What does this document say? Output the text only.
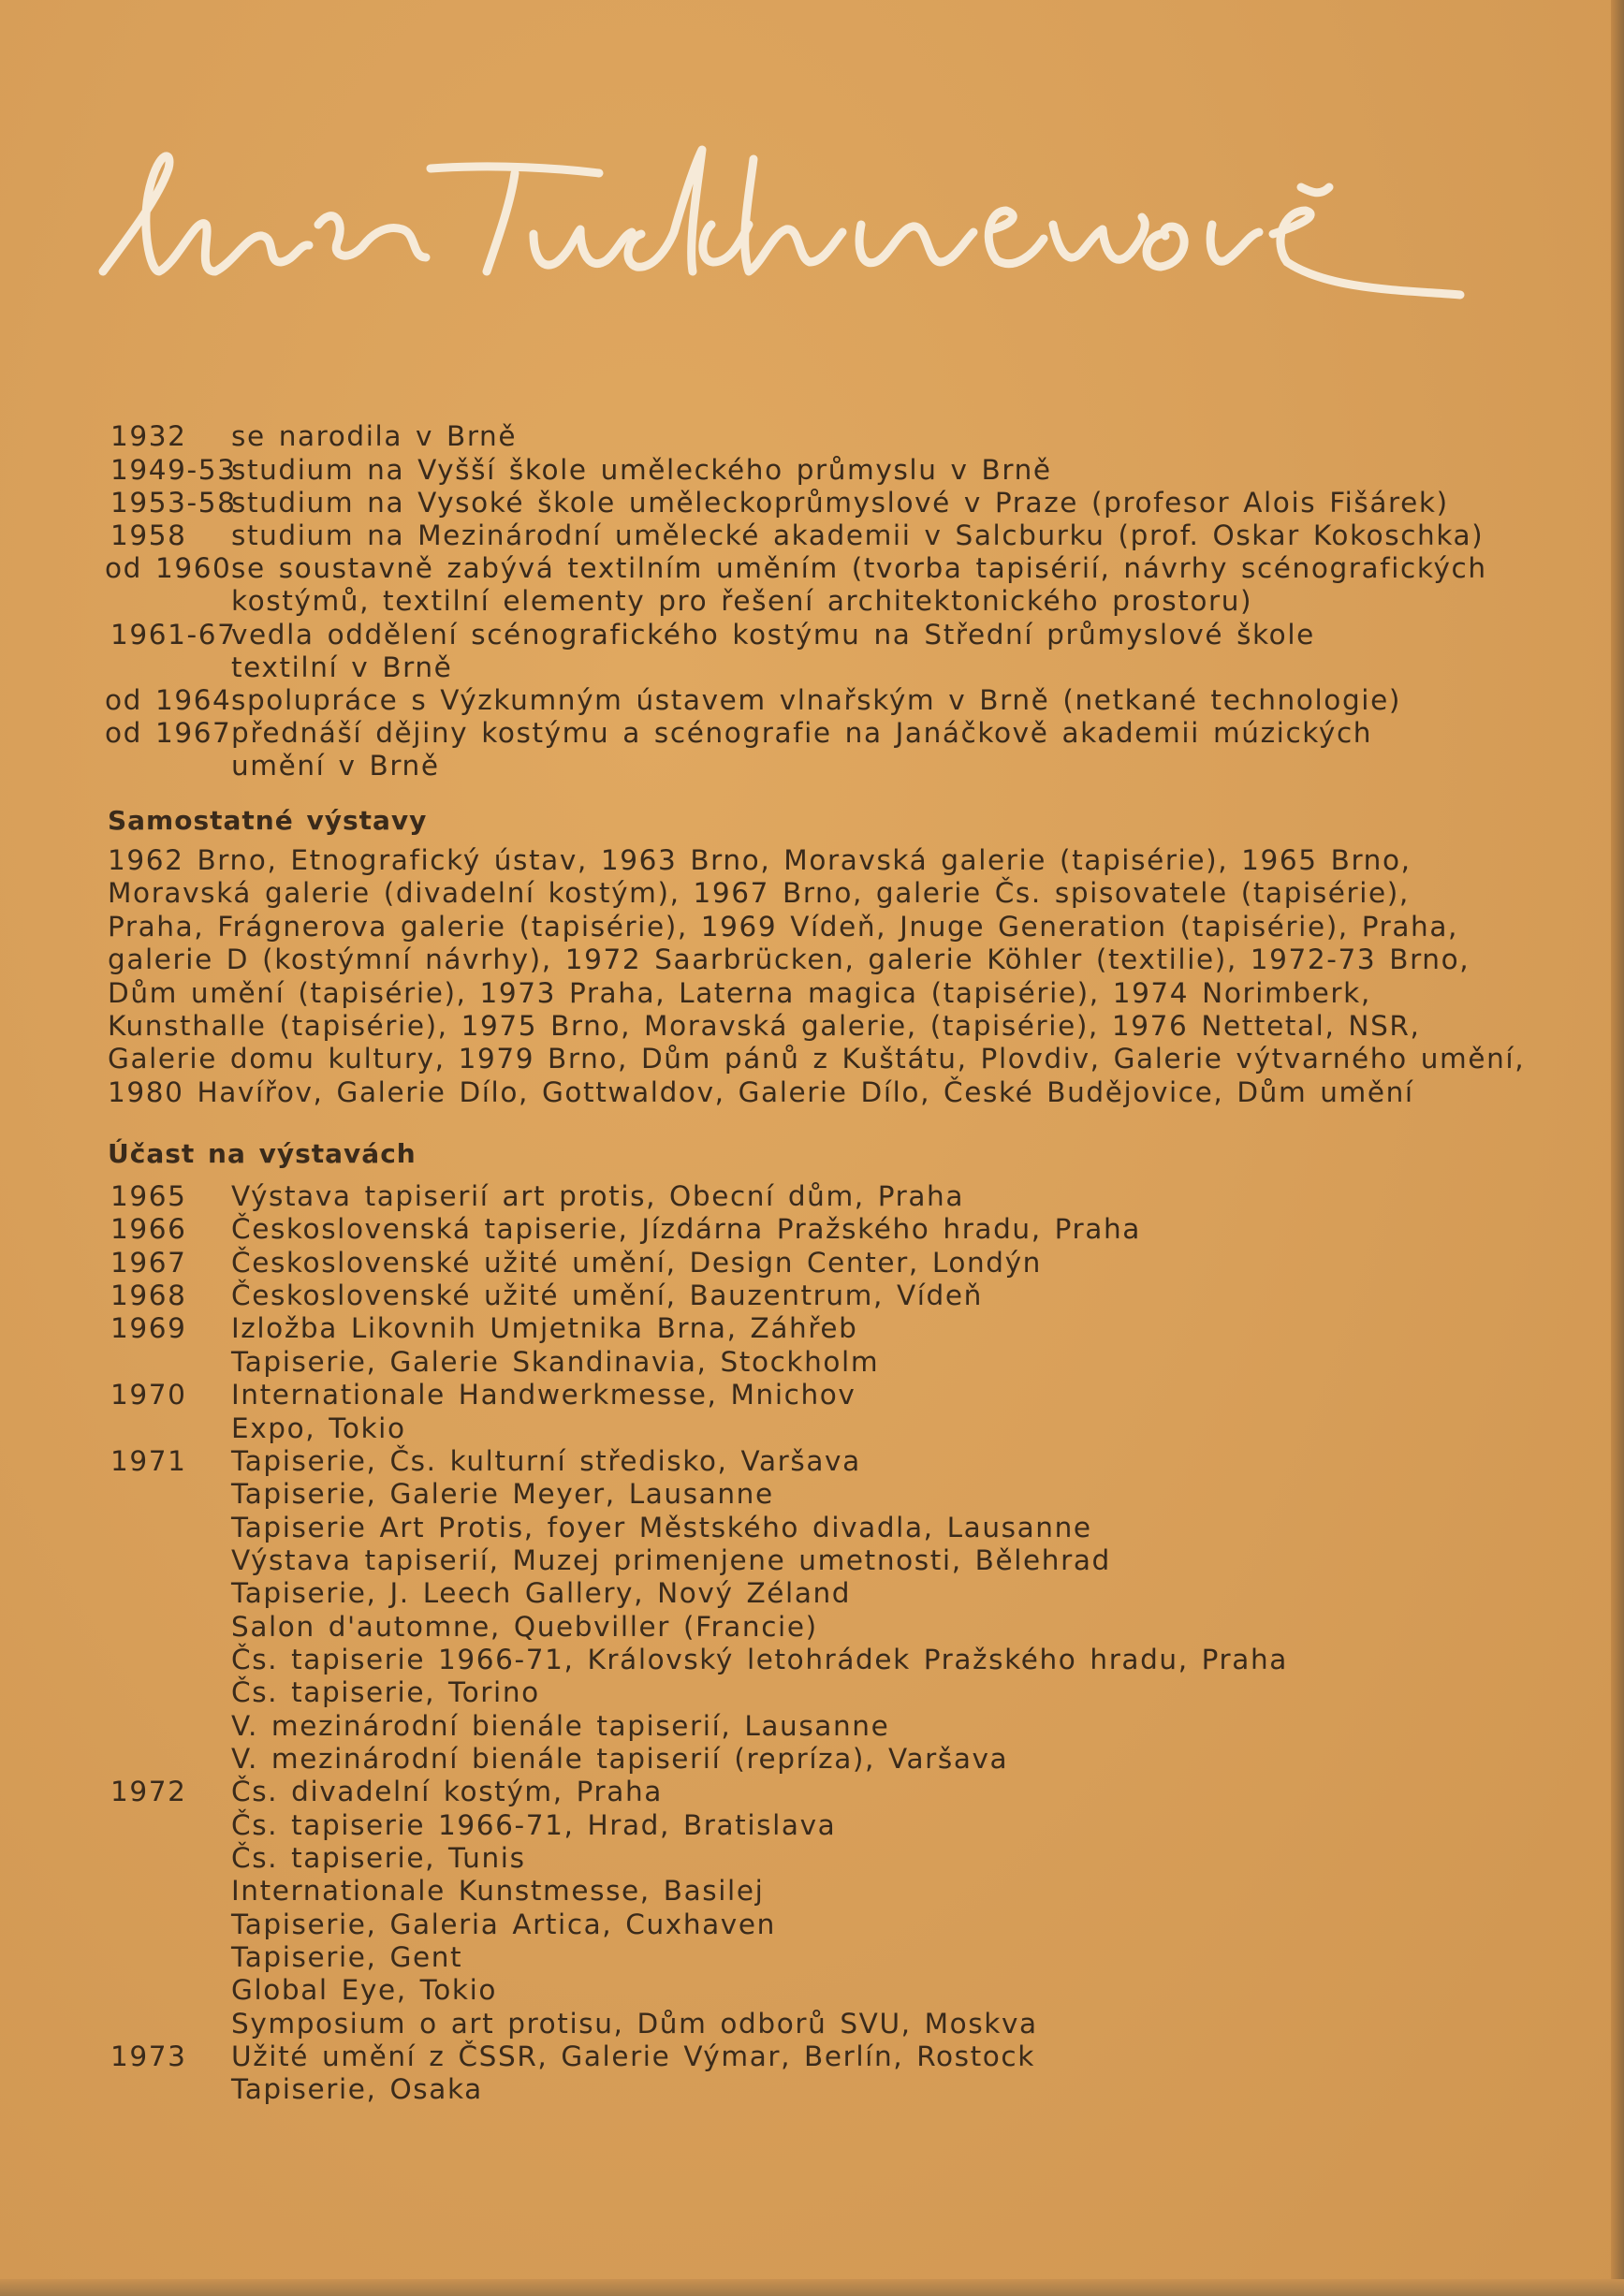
1932 se narodila v Brně
1949-53
studium na Vyšší škole uměleckého průmyslu v Brně
1953-58
studium na Vysoké škole uměleckoprůmyslové v Praze (profesor Alois Fišárek)
1958 studium na Mezinárodní umělecké akademii v Salcburku (prof. Oskar Kokoschka)
od 1960 se soustavně zabývá textilním uměním (tvorba tapisérií, návrhy scénografických
kostýmů, textilní elementy pro řešení architektonického prostoru)
1961-67
vedla oddělení scénografického kostýmu na Střední průmyslové škole
textilní v Brně
od 1964 spolupráce s Výzkumným ústavem vlnařským v Brně (netkané technologie)
od 1967 přednáší dějiny kostýmu a scénografie na Janáčkově akademii múzických
umění v Brně
Samostatné výstavy
1962 Brno, Etnografický ústav, 1963 Brno, Moravská galerie (tapisérie), 1965 Brno,
Moravská galerie (divadelní kostým), 1967 Brno, galerie Čs. spisovatele (tapisérie),
Praha, Frágnerova galerie (tapisérie), 1969 Vídeň, Jnuge Generation (tapisérie), Praha,
galerie D (kostýmní návrhy), 1972 Saarbrücken, galerie Köhler (textilie), 1972-73 Brno,
Dům umění (tapisérie), 1973 Praha, Laterna magica (tapisérie), 1974 Norimberk,
Kunsthalle (tapisérie), 1975 Brno, Moravská galerie, (tapisérie), 1976 Nettetal, NSR,
Galerie domu kultury, 1979 Brno, Dům pánů z Kuštátu, Plovdiv, Galerie výtvarného umění,
1980 Havířov, Galerie Dílo, Gottwaldov, Galerie Dílo, České Budějovice, Dům umění
Účast na výstavách
1965 Výstava tapiserií art protis, Obecní dům, Praha
1966 Československá tapiserie, Jízdárna Pražského hradu, Praha
1967 Československé užité umění, Design Center, Londýn
1968 Československé užité umění, Bauzentrum, Vídeň
1969 Izložba Likovnih Umjetnika Brna, Záhřeb
Tapiserie, Galerie Skandinavia, Stockholm
1970 Internationale Handwerkmesse, Mnichov
Expo, Tokio
1971 Tapiserie, Čs. kulturní středisko, Varšava
Tapiserie, Galerie Meyer, Lausanne
Tapiserie Art Protis, foyer Městského divadla, Lausanne
Výstava tapiserií, Muzej primenjene umetnosti, Bělehrad
Tapiserie, J. Leech Gallery, Nový Zéland
Salon d'automne, Quebviller (Francie)
Čs. tapiserie 1966-71, Královský letohrádek Pražského hradu, Praha
Čs. tapiserie, Torino
V. mezinárodní bienále tapiserií, Lausanne
V. mezinárodní bienále tapiserií (repríza), Varšava
1972 Čs. divadelní kostým, Praha
Čs. tapiserie 1966-71, Hrad, Bratislava
Čs. tapiserie, Tunis
Internationale Kunstmesse, Basilej
Tapiserie, Galeria Artica, Cuxhaven
Tapiserie, Gent
Global Eye, Tokio
Symposium o art protisu, Dům odborů SVU, Moskva
1973 Užité umění z ČSSR, Galerie Výmar, Berlín, Rostock
Tapiserie, Osaka
